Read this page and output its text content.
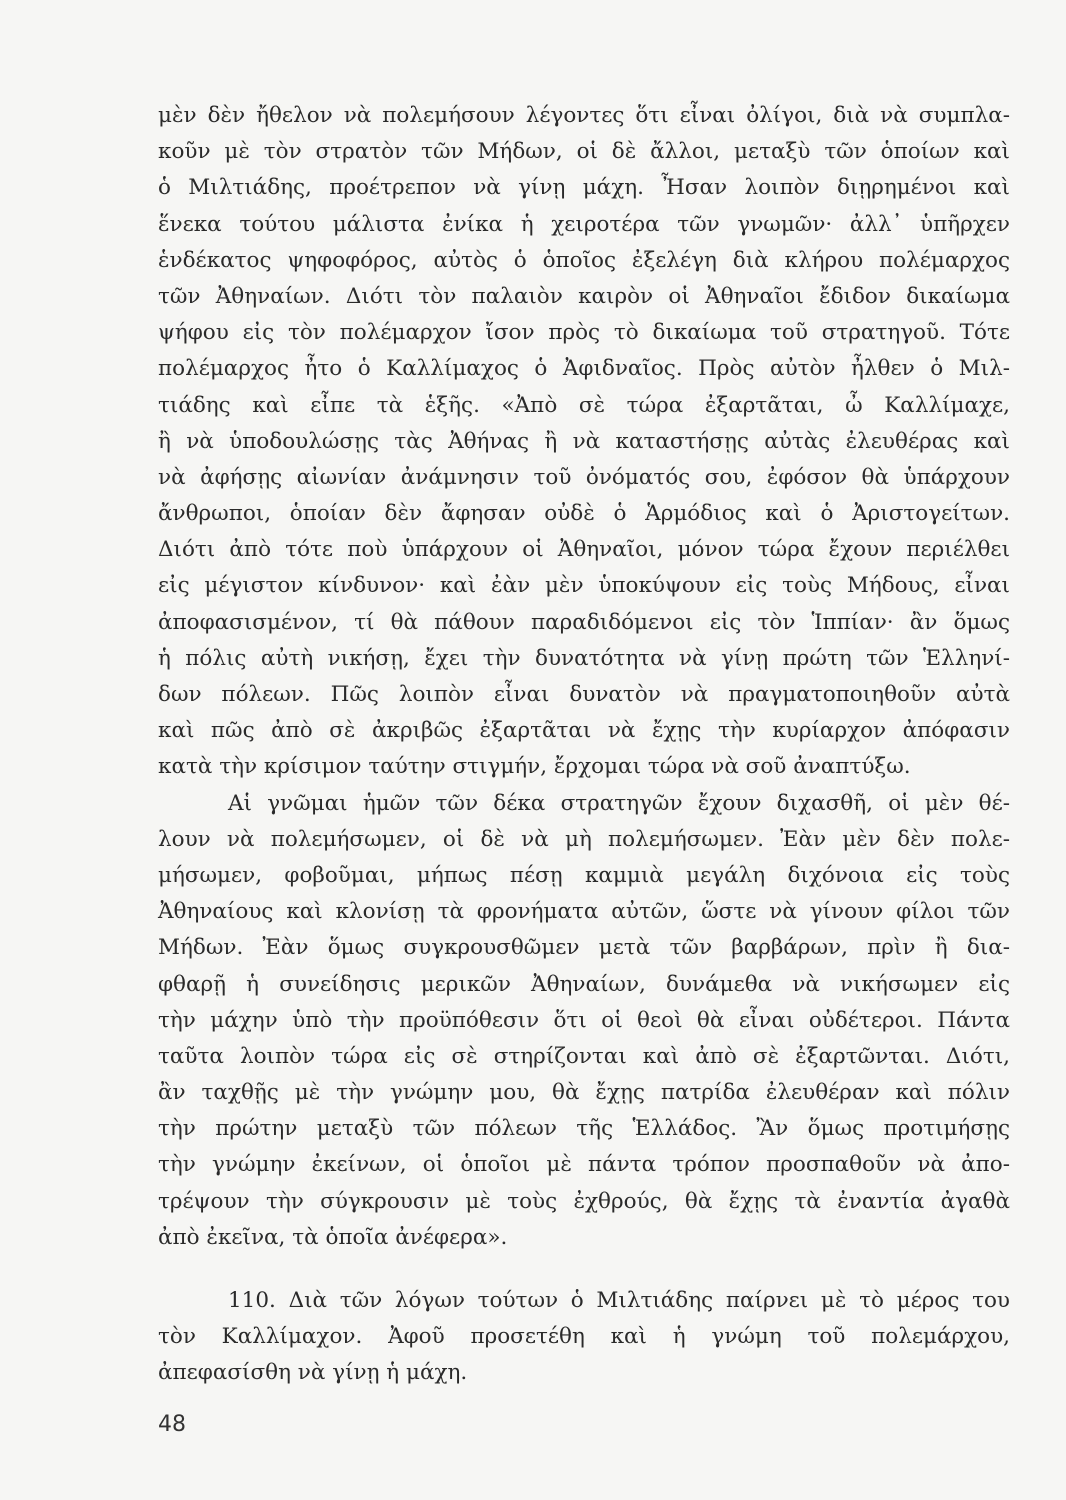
μὲν δὲν ἤθελον νὰ πολεμήσουν λέγοντες ὅτι εἶναι ὀλίγοι, διὰ νὰ συμπλα-
κοῦν μὲ τὸν στρατὸν τῶν Μήδων, οἱ δὲ ἄλλοι, μεταξὺ τῶν ὁποίων καὶ
ὁ Μιλτιάδης, προέτρεπον νὰ γίνῃ μάχη. Ἦσαν λοιπὸν διῃρημένοι καὶ
ἕνεκα τούτου μάλιστα ἐνίκα ἡ χειροτέρα τῶν γνωμῶν· ἀλλ᾽ ὑπῆρχεν
ἑνδέκατος ψηφοφόρος, αὐτὸς ὁ ὁποῖος ἐξελέγη διὰ κλήρου πολέμαρχος
τῶν Ἀθηναίων. Διότι τὸν παλαιὸν καιρὸν οἱ Ἀθηναῖοι ἔδιδον δικαίωμα
ψήφου εἰς τὸν πολέμαρχον ἴσον πρὸς τὸ δικαίωμα τοῦ στρατηγοῦ. Τότε
πολέμαρχος ἦτο ὁ Καλλίμαχος ὁ Ἀφιδναῖος. Πρὸς αὐτὸν ἦλθεν ὁ Μιλ-
τιάδης καὶ εἶπε τὰ ἑξῆς. «Ἀπὸ σὲ τώρα ἐξαρτᾶται, ὦ Καλλίμαχε,
ἢ νὰ ὑποδουλώσῃς τὰς Ἀθήνας ἢ νὰ καταστήσῃς αὐτὰς ἐλευθέρας καὶ
νὰ ἀφήσῃς αἰωνίαν ἀνάμνησιν τοῦ ὀνόματός σου, ἐφόσον θὰ ὑπάρχουν
ἄνθρωποι, ὁποίαν δὲν ἄφησαν οὐδὲ ὁ Ἁρμόδιος καὶ ὁ Ἀριστογείτων.
Διότι ἀπὸ τότε ποὺ ὑπάρχουν οἱ Ἀθηναῖοι, μόνον τώρα ἔχουν περιέλθει
εἰς μέγιστον κίνδυνον· καὶ ἐὰν μὲν ὑποκύψουν εἰς τοὺς Μήδους, εἶναι
ἀποφασισμένον, τί θὰ πάθουν παραδιδόμενοι εἰς τὸν Ἱππίαν· ἂν ὅμως
ἡ πόλις αὐτὴ νικήσῃ, ἔχει τὴν δυνατότητα νὰ γίνῃ πρώτη τῶν Ἑλληνί-
δων πόλεων. Πῶς λοιπὸν εἶναι δυνατὸν νὰ πραγματοποιηθοῦν αὐτὰ
καὶ πῶς ἀπὸ σὲ ἀκριβῶς ἐξαρτᾶται νὰ ἔχῃς τὴν κυρίαρχον ἀπόφασιν
κατὰ τὴν κρίσιμον ταύτην στιγμήν, ἔρχομαι τώρα νὰ σοῦ ἀναπτύξω.
Αἱ γνῶμαι ἡμῶν τῶν δέκα στρατηγῶν ἔχουν διχασθῆ, οἱ μὲν θέ-
λουν νὰ πολεμήσωμεν, οἱ δὲ νὰ μὴ πολεμήσωμεν. Ἐὰν μὲν δὲν πολε-
μήσωμεν, φοβοῦμαι, μήπως πέσῃ καμμιὰ μεγάλη διχόνοια εἰς τοὺς
Ἀθηναίους καὶ κλονίσῃ τὰ φρονήματα αὐτῶν, ὥστε νὰ γίνουν φίλοι τῶν
Μήδων. Ἐὰν ὅμως συγκρουσθῶμεν μετὰ τῶν βαρβάρων, πρὶν ἢ δια-
φθαρῇ ἡ συνείδησις μερικῶν Ἀθηναίων, δυνάμεθα νὰ νικήσωμεν εἰς
τὴν μάχην ὑπὸ τὴν προϋπόθεσιν ὅτι οἱ θεοὶ θὰ εἶναι οὐδέτεροι. Πάντα
ταῦτα λοιπὸν τώρα εἰς σὲ στηρίζονται καὶ ἀπὸ σὲ ἐξαρτῶνται. Διότι,
ἂν ταχθῇς μὲ τὴν γνώμην μου, θὰ ἔχῃς πατρίδα ἐλευθέραν καὶ πόλιν
τὴν πρώτην μεταξὺ τῶν πόλεων τῆς Ἑλλάδος. Ἂν ὅμως προτιμήσῃς
τὴν γνώμην ἐκείνων, οἱ ὁποῖοι μὲ πάντα τρόπον προσπαθοῦν νὰ ἀπο-
τρέψουν τὴν σύγκρουσιν μὲ τοὺς ἐχθρούς, θὰ ἔχῃς τὰ ἐναντία ἀγαθὰ
ἀπὸ ἐκεῖνα, τὰ ὁποῖα ἀνέφερα».
110. Διὰ τῶν λόγων τούτων ὁ Μιλτιάδης παίρνει μὲ τὸ μέρος του
τὸν Καλλίμαχον. Ἀφοῦ προσετέθη καὶ ἡ γνώμη τοῦ πολεμάρχου,
ἀπεφασίσθη νὰ γίνῃ ἡ μάχη.
48
